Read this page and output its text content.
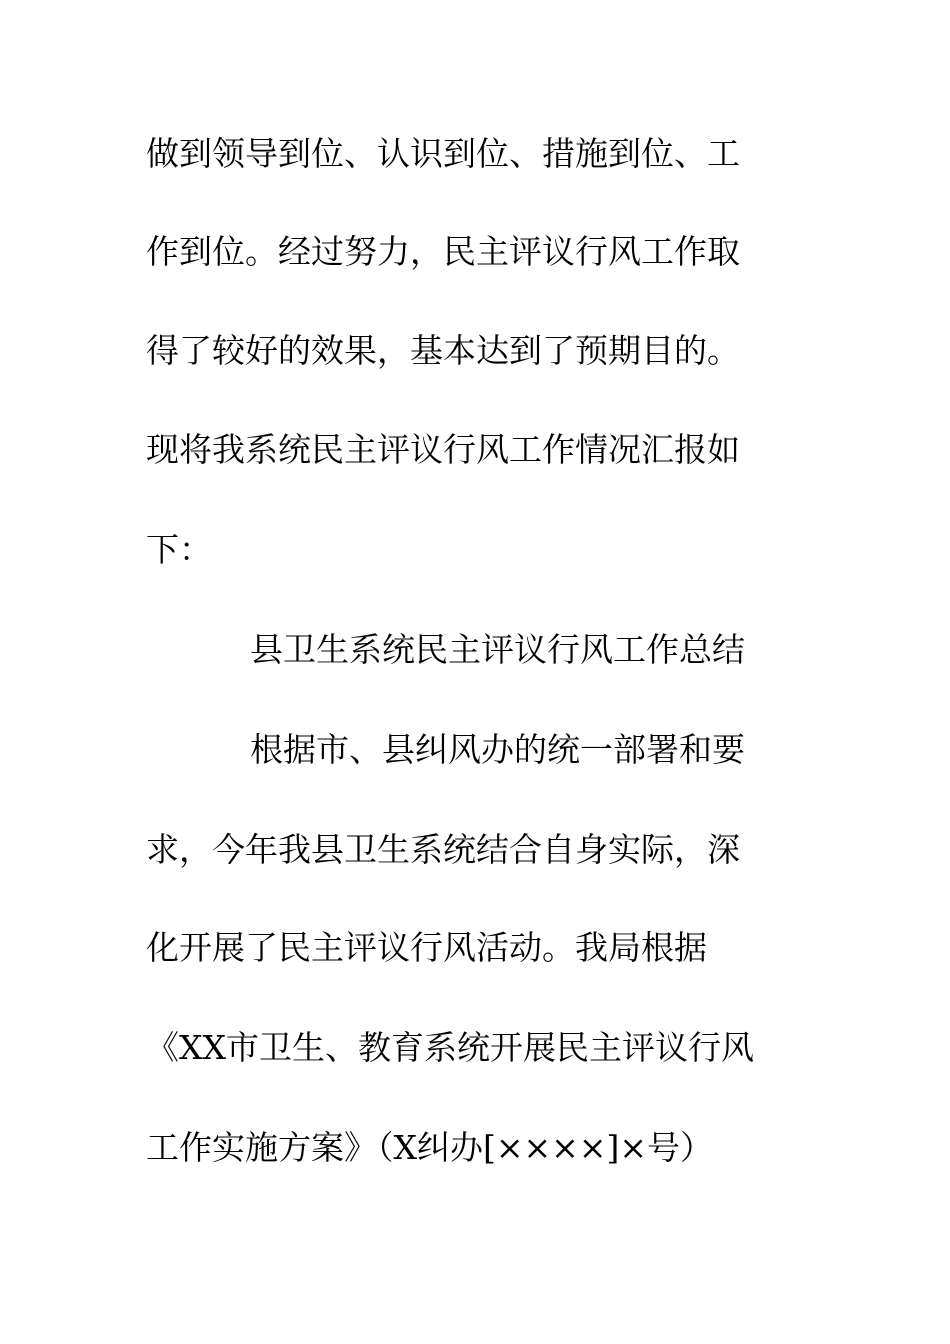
做到领导到位、认识到位、措施到位、工
作到位。经过努力，民主评议行风工作取
得了较好的效果，基本达到了预期目的。
现将我系统民主评议行风工作情况汇报如
下：
县卫生系统民主评议行风工作总结
根据市、县纠风办的统一部署和要
求，今年我县卫生系统结合自身实际，深
化开展了民主评议行风活动。我局根据
《XX市卫生、教育系统开展民主评议行风
工作实施方案》（X纠办[××××]×号）
